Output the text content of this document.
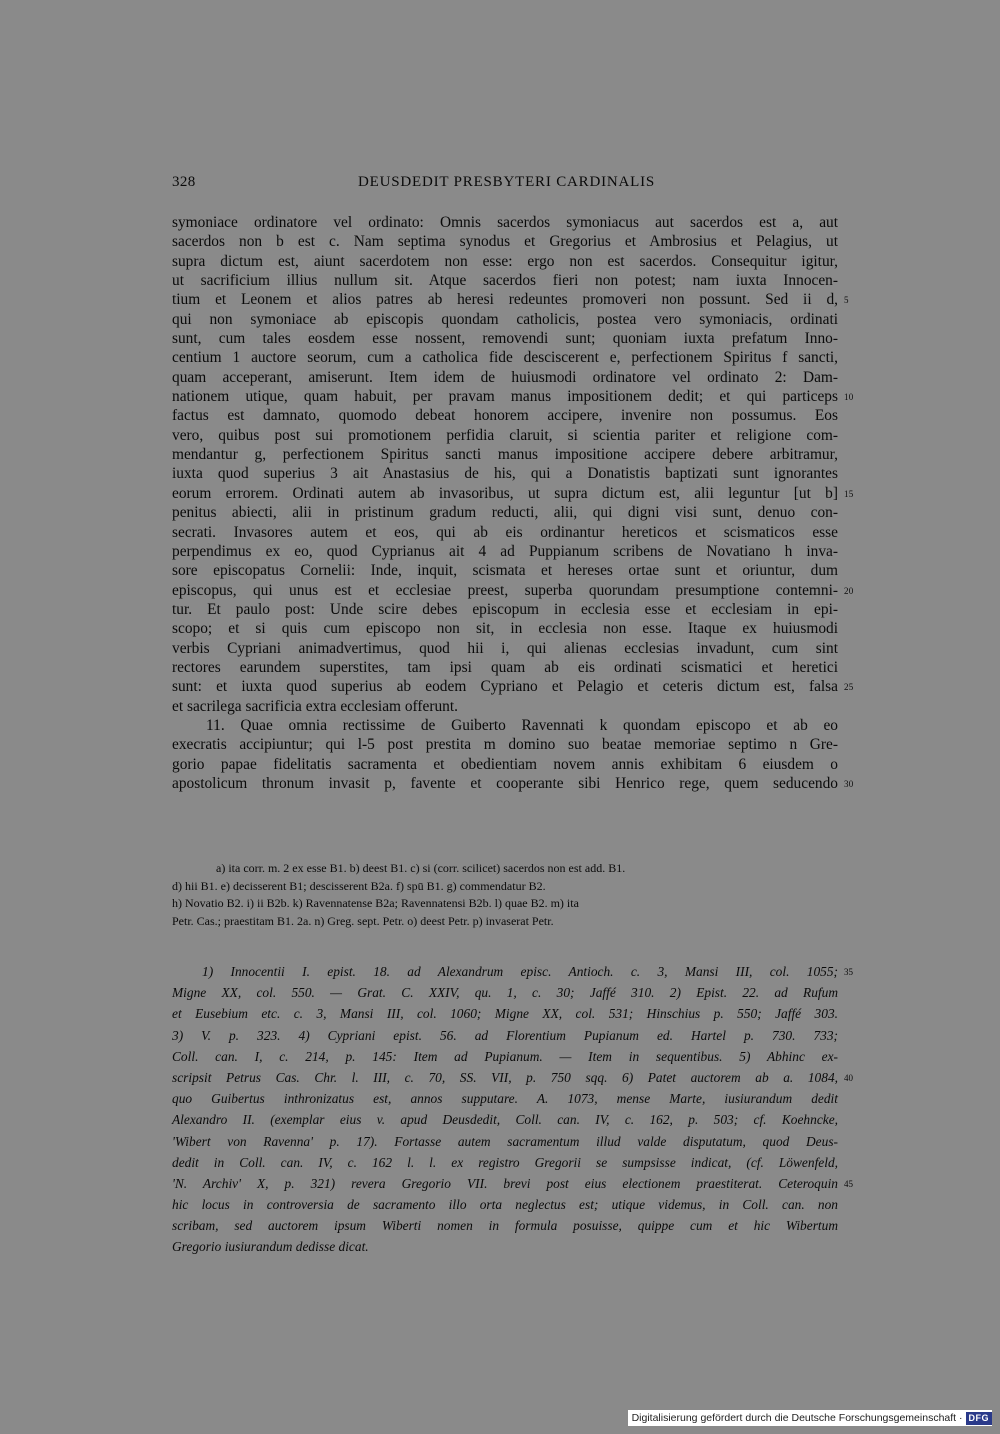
328	DEUSDEDIT PRESBYTERI CARDINALIS
symoniace ordinatore vel ordinato: Omnis sacerdos symoniacus aut sacerdos est a, aut
sacerdos non b est c. Nam septima synodus et Gregorius et Ambrosius et Pelagius, ut
supra dictum est, aiunt sacerdotem non esse: ergo non est sacerdos. Consequitur igitur,
ut sacrificium illius nullum sit. Atque sacerdos fieri non potest; nam iuxta Innocen-
tium et Leonem et alios patres ab heresi redeuntes promoveri non possunt. Sed ii d, 5
qui non symoniace ab episcopis quondam catholicis, postea vero symoniacis, ordinati
sunt, cum tales eosdem esse nossent, removendi sunt; quoniam iuxta prefatum Inno-
centium 1 auctore seorum, cum a catholica fide desciscerent e, perfectionem Spiritus f sancti,
quam acceperant, amiserunt. Item idem de huiusmodi ordinatore vel ordinato 2: Dam-
nationem utique, quam habuit, per pravam manus impositionem dedit; et qui particeps 10
factus est damnato, quomodo debeat honorem accipere, invenire non possumus. Eos
vero, quibus post sui promotionem perfidia claruit, si scientia pariter et religione com-
mendantur g, perfectionem Spiritus sancti manus impositione accipere debere arbitramur,
iuxta quod superius 3 ait Anastasius de his, qui a Donatistis baptizati sunt ignorantes
eorum errorem. Ordinati autem ab invasoribus, ut supra dictum est, alii leguntur [ut b] 15
penitus abiecti, alii in pristinum gradum reducti, alii, qui digni visi sunt, denuo con-
secrati. Invasores autem et eos, qui ab eis ordinantur hereticos et scismaticos esse
perpendimus ex eo, quod Cyprianus ait 4 ad Puppianum scribens de Novatiano h inva-
sore episcopatus Cornelii: Inde, inquit, scismata et hereses ortae sunt et oriuntur, dum
episcopus, qui unus est et ecclesiae preest, superba quorundam presumptione contemni- 20
tur. Et paulo post: Unde scire debes episcopum in ecclesia esse et ecclesiam in epi-
scopo; et si quis cum episcopo non sit, in ecclesia non esse. Itaque ex huiusmodi
verbis Cypriani animadvertimus, quod hii i, qui alienas ecclesias invadunt, cum sint
rectores earundem superstites, tam ipsi quam ab eis ordinati scismatici et heretici
sunt: et iuxta quod superius ab eodem Cypriano et Pelagio et ceteris dictum est, falsa 25
et sacrilega sacrificia extra ecclesiam offerunt.
11. Quae omnia rectissime de Guiberto Ravennati k quondam episcopo et ab eo
execratis accipiuntur; qui l-5 post prestita m domino suo beatae memoriae septimo n Gre-
gorio papae fidelitatis sacramenta et obedientiam novem annis exhibitam 6 eiusdem o
apostolicum thronum invasit p, favente et cooperante sibi Henrico rege, quem seducendo 30
a) ita corr. m. 2 ex esse B1. b) deest B1. c) si (corr. scilicet) sacerdos non est add. B1.
d) hii B1. e) decisserent B1; descisserent B2a. f) spū B1. g) commendatur B2.
h) Novatio B2. i) ii B2b. k) Ravennatense B2a; Ravennatensi B2b. l) quae B2. m) ita
Petr. Cas.; praestitam B1. 2a. n) Greg. sept. Petr. o) deest Petr. p) invaserat Petr.
1) Innocentii I. epist. 18. ad Alexandrum episc. Antioch. c. 3, Mansi III, col. 1055; 35
Migne XX, col. 550. — Grat. C. XXIV, qu. 1, c. 30; Jaffé 310. 2) Epist. 22. ad Rufum
et Eusebium etc. c. 3, Mansi III, col. 1060; Migne XX, col. 531; Hinschius p. 550; Jaffé 303.
3) V. p. 323. 4) Cypriani epist. 56. ad Florentium Pupianum ed. Hartel p. 730. 733;
Coll. can. I, c. 214, p. 145: Item ad Pupianum. — Item in sequentibus. 5) Abhinc ex-
scripsit Petrus Cas. Chr. l. III, c. 70, SS. VII, p. 750 sqq. 6) Patet auctorem ab a. 1084, 40
quo Guibertus inthronizatus est, annos supputare. A. 1073, mense Marte, iusiurandum dedit
Alexandro II. (exemplar eius v. apud Deusdedit, Coll. can. IV, c. 162, p. 503; cf. Koehncke,
'Wibert von Ravenna' p. 17). Fortasse autem sacramentum illud valde disputatum, quod Deus-
dedit in Coll. can. IV, c. 162 l. l. ex registro Gregorii se sumpsisse indicat, (cf. Löwenfeld,
'N. Archiv' X, p. 321) revera Gregorio VII. brevi post eius electionem praestiterat. Ceteroquin 45
hic locus in controversia de sacramento illo orta neglectus est; utique videmus, in Coll. can. non
scribam, sed auctorem ipsum Wiberti nomen in formula posuisse, quippe cum et hic Wibertum
Gregorio iusiurandum dedisse dicat.
Digitalisierung gefördert durch die Deutsche Forschungsgemeinschaft · DFG
